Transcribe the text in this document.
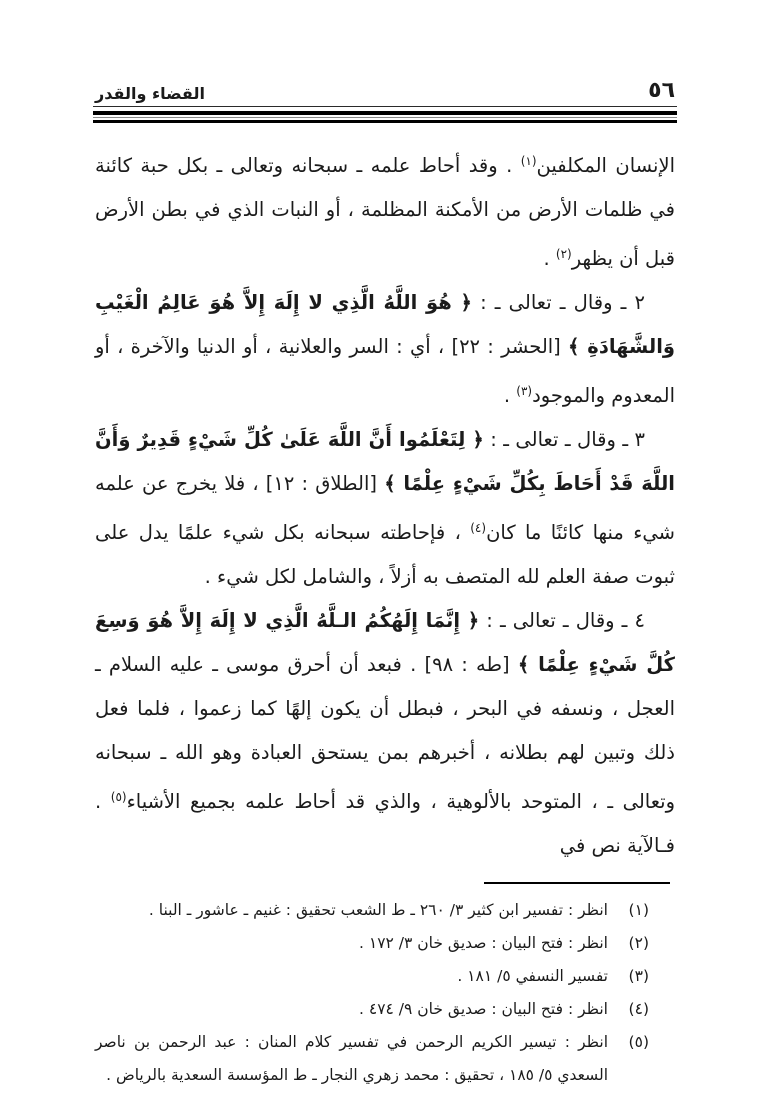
٥٦
القضاء والقدر

الإنسان المكلفين$^{(١)}$ . وقد أحاط علمه ـ سبحانه وتعالى ـ بكل حبة كائنة في ظلمات الأرض من الأمكنة المظلمة ، أو النبات الذي في بطن الأرض قبل أن يظهر$^{(٢)}$ .

٢ ـ وقال ـ تعالى ـ : ﴿ هُوَ اللَّهُ الَّذِي لا إِلَهَ إِلاَّ هُوَ عَالِمُ الْغَيْبِ وَالشَّهَادَةِ ﴾ [الحشر : ٢٢] ، أي : السر والعلانية ، أو الدنيا والآخرة ، أو المعدوم والموجود$^{(٣)}$ .

٣ ـ وقال ـ تعالى ـ : ﴿ لِتَعْلَمُوا أَنَّ اللَّهَ عَلَىٰ كُلِّ شَيْءٍ قَدِيرٌ وَأَنَّ اللَّهَ قَدْ أَحَاطَ بِكُلِّ شَيْءٍ عِلْمًا ﴾ [الطلاق : ١٢] ، فلا يخرج عن علمه شيء منها كائنًا ما كان$^{(٤)}$ ، فإحاطته سبحانه بكل شيء علمًا يدل على ثبوت صفة العلم لله المتصف به أزلاً ، والشامل لكل شيء .

٤ ـ وقال ـ تعالى ـ : ﴿ إِنَّمَا إِلَهُكُمُ الـلَّهُ الَّذِي لا إِلَهَ إِلاَّ هُوَ وَسِعَ كُلَّ شَيْءٍ عِلْمًا ﴾ [طه : ٩٨] . فبعد أن أحرق موسى ـ عليه السلام ـ العجل ، ونسفه في البحر ، فبطل أن يكون إلهًا كما زعموا ، فلما فعل ذلك وتبين لهم بطلانه ، أخبرهم بمن يستحق العبادة وهو الله ـ سبحانه وتعالى ـ ، المتوحد بالألوهية ، والذي قد أحاط علمه بجميع الأشياء$^{(٥)}$ . فـالآية نص في

(١)
انظر : تفسير ابن كثير ٣/ ٢٦٠ ـ ط الشعب تحقيق : غنيم ـ عاشور ـ البنا .
(٢)
انظر : فتح البيان : صديق خان ٣/ ١٧٢ .
(٣)
تفسير النسفي ٥/ ١٨١ .
(٤)
انظر : فتح البيان : صديق خان ٩/ ٤٧٤ .
(٥)
انظر : تيسير الكريم الرحمن في تفسير كلام المنان : عبد الرحمن بن ناصر السعدي ٥/ ١٨٥ ، تحقيق : محمد زهري النجار ـ ط المؤسسة السعدية بالرياض .
